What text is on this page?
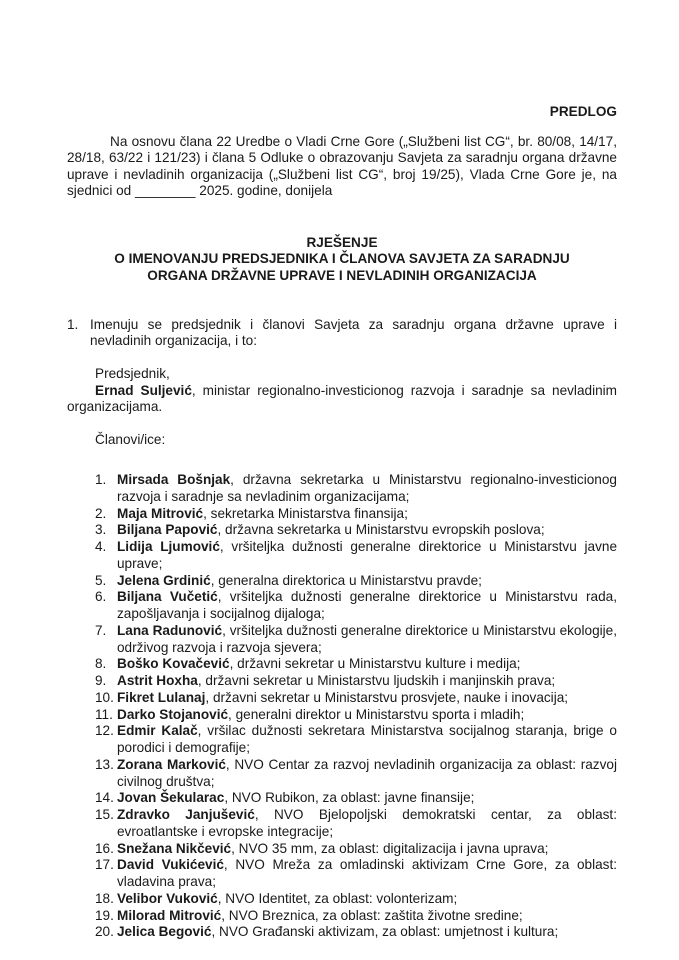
PREDLOG

Na osnovu člana 22 Uredbe o Vladi Crne Gore („Službeni list CG“, br. 80/08, 14/17, 28/18, 63/22 i 121/23) i člana 5 Odluke o obrazovanju Savjeta za saradnju organa državne uprave i nevladinih organizacija („Službeni list CG“, broj 19/25), Vlada Crne Gore je, na sjednici od ________ 2025. godine, donijela

RJEŠENJE
O IMENOVANJU PREDSJEDNIKA I ČLANOVA SAVJETA ZA SARADNJU
ORGANA DRŽAVNE UPRAVE I NEVLADINIH ORGANIZACIJA
1. Imenuju se predsjednik i članovi Savjeta za saradnju organa državne uprave i nevladinih organizacija, i to:
Predsjednik,
Ernad Suljević, ministar regionalno-investicionog razvoja i saradnje sa nevladinim organizacijama.
Članovi/ice:
1. Mirsada Bošnjak, državna sekretarka u Ministarstvu regionalno-investicionog razvoja i saradnje sa nevladinim organizacijama;
2. Maja Mitrović, sekretarka Ministarstva finansija;
3. Biljana Papović, državna sekretarka u Ministarstvu evropskih poslova;
4. Lidija Ljumović, vršiteljka dužnosti generalne direktorice u Ministarstvu javne uprave;
5. Jelena Grdinić, generalna direktorica u Ministarstvu pravde;
6. Biljana Vučetić, vršiteljka dužnosti generalne direktorice u Ministarstvu rada, zapošljavanja i socijalnog dijaloga;
7. Lana Radunović, vršiteljka dužnosti generalne direktorice u Ministarstvu ekologije, održivog razvoja i razvoja sjevera;
8. Boško Kovačević, državni sekretar u Ministarstvu kulture i medija;
9. Astrit Hoxha, državni sekretar u Ministarstvu ljudskih i manjinskih prava;
10. Fikret Lulanaj, državni sekretar u Ministarstvu prosvjete, nauke i inovacija;
11. Darko Stojanović, generalni direktor u Ministarstvu sporta i mladih;
12. Edmir Kalač, vršilac dužnosti sekretara Ministarstva socijalnog staranja, brige o porodici i demografije;
13. Zorana Marković, NVO Centar za razvoj nevladinih organizacija za oblast: razvoj civilnog društva;
14. Jovan Šekularac, NVO Rubikon, za oblast: javne finansije;
15. Zdravko Janjušević, NVO Bjelopoljski demokratski centar, za oblast: evroatlantske i evropske integracije;
16. Snežana Nikčević, NVO 35 mm, za oblast: digitalizacija i javna uprava;
17. David Vukićević, NVO Mreža za omladinski aktivizam Crne Gore, za oblast: vladavina prava;
18. Velibor Vuković, NVO Identitet, za oblast: volonterizam;
19. Milorad Mitrović, NVO Breznica, za oblast: zaštita životne sredine;
20. Jelica Begović, NVO Građanski aktivizam, za oblast: umjetnost i kultura;
